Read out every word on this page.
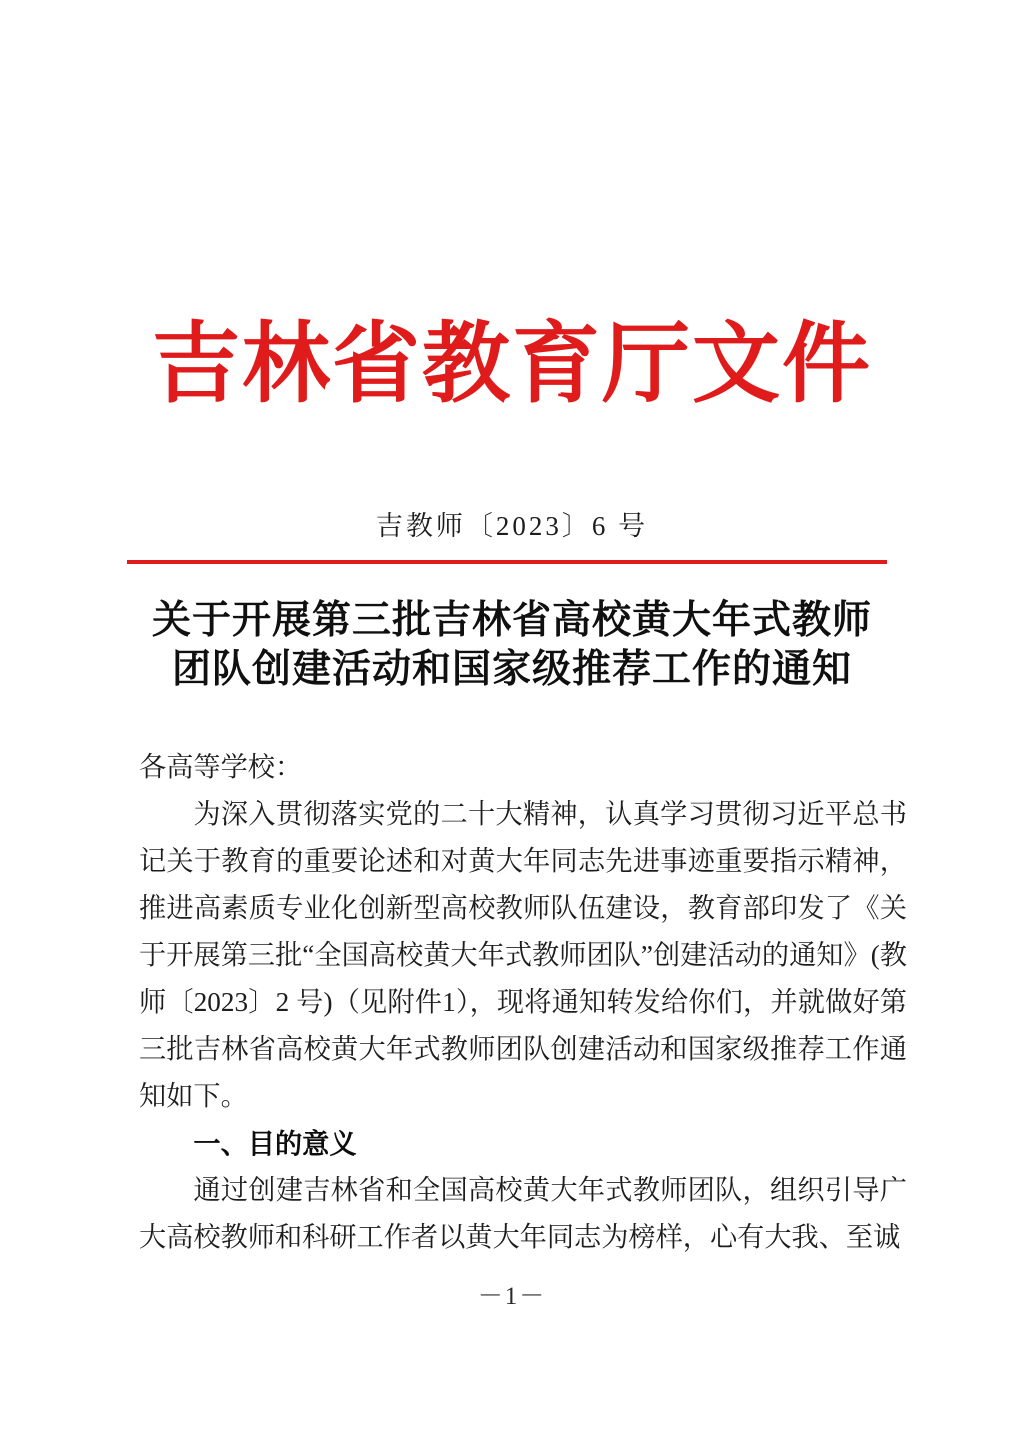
吉林省教育厅文件
吉教师〔2023〕6 号
关于开展第三批吉林省高校黄大年式教师
团队创建活动和国家级推荐工作的通知

各高等学校：

为深入贯彻落实党的二十大精神，认真学习贯彻习近平总书记关于教育的重要论述和对黄大年同志先进事迹重要指示精神，推进高素质专业化创新型高校教师队伍建设，教育部印发了《关于开展第三批“全国高校黄大年式教师团队”创建活动的通知》(教师〔2023〕2 号)（见附件1），现将通知转发给你们，并就做好第三批吉林省高校黄大年式教师团队创建活动和国家级推荐工作通知如下。

一、目的意义

通过创建吉林省和全国高校黄大年式教师团队，组织引导广大高校教师和科研工作者以黄大年同志为榜样，心有大我、至诚

－1－
